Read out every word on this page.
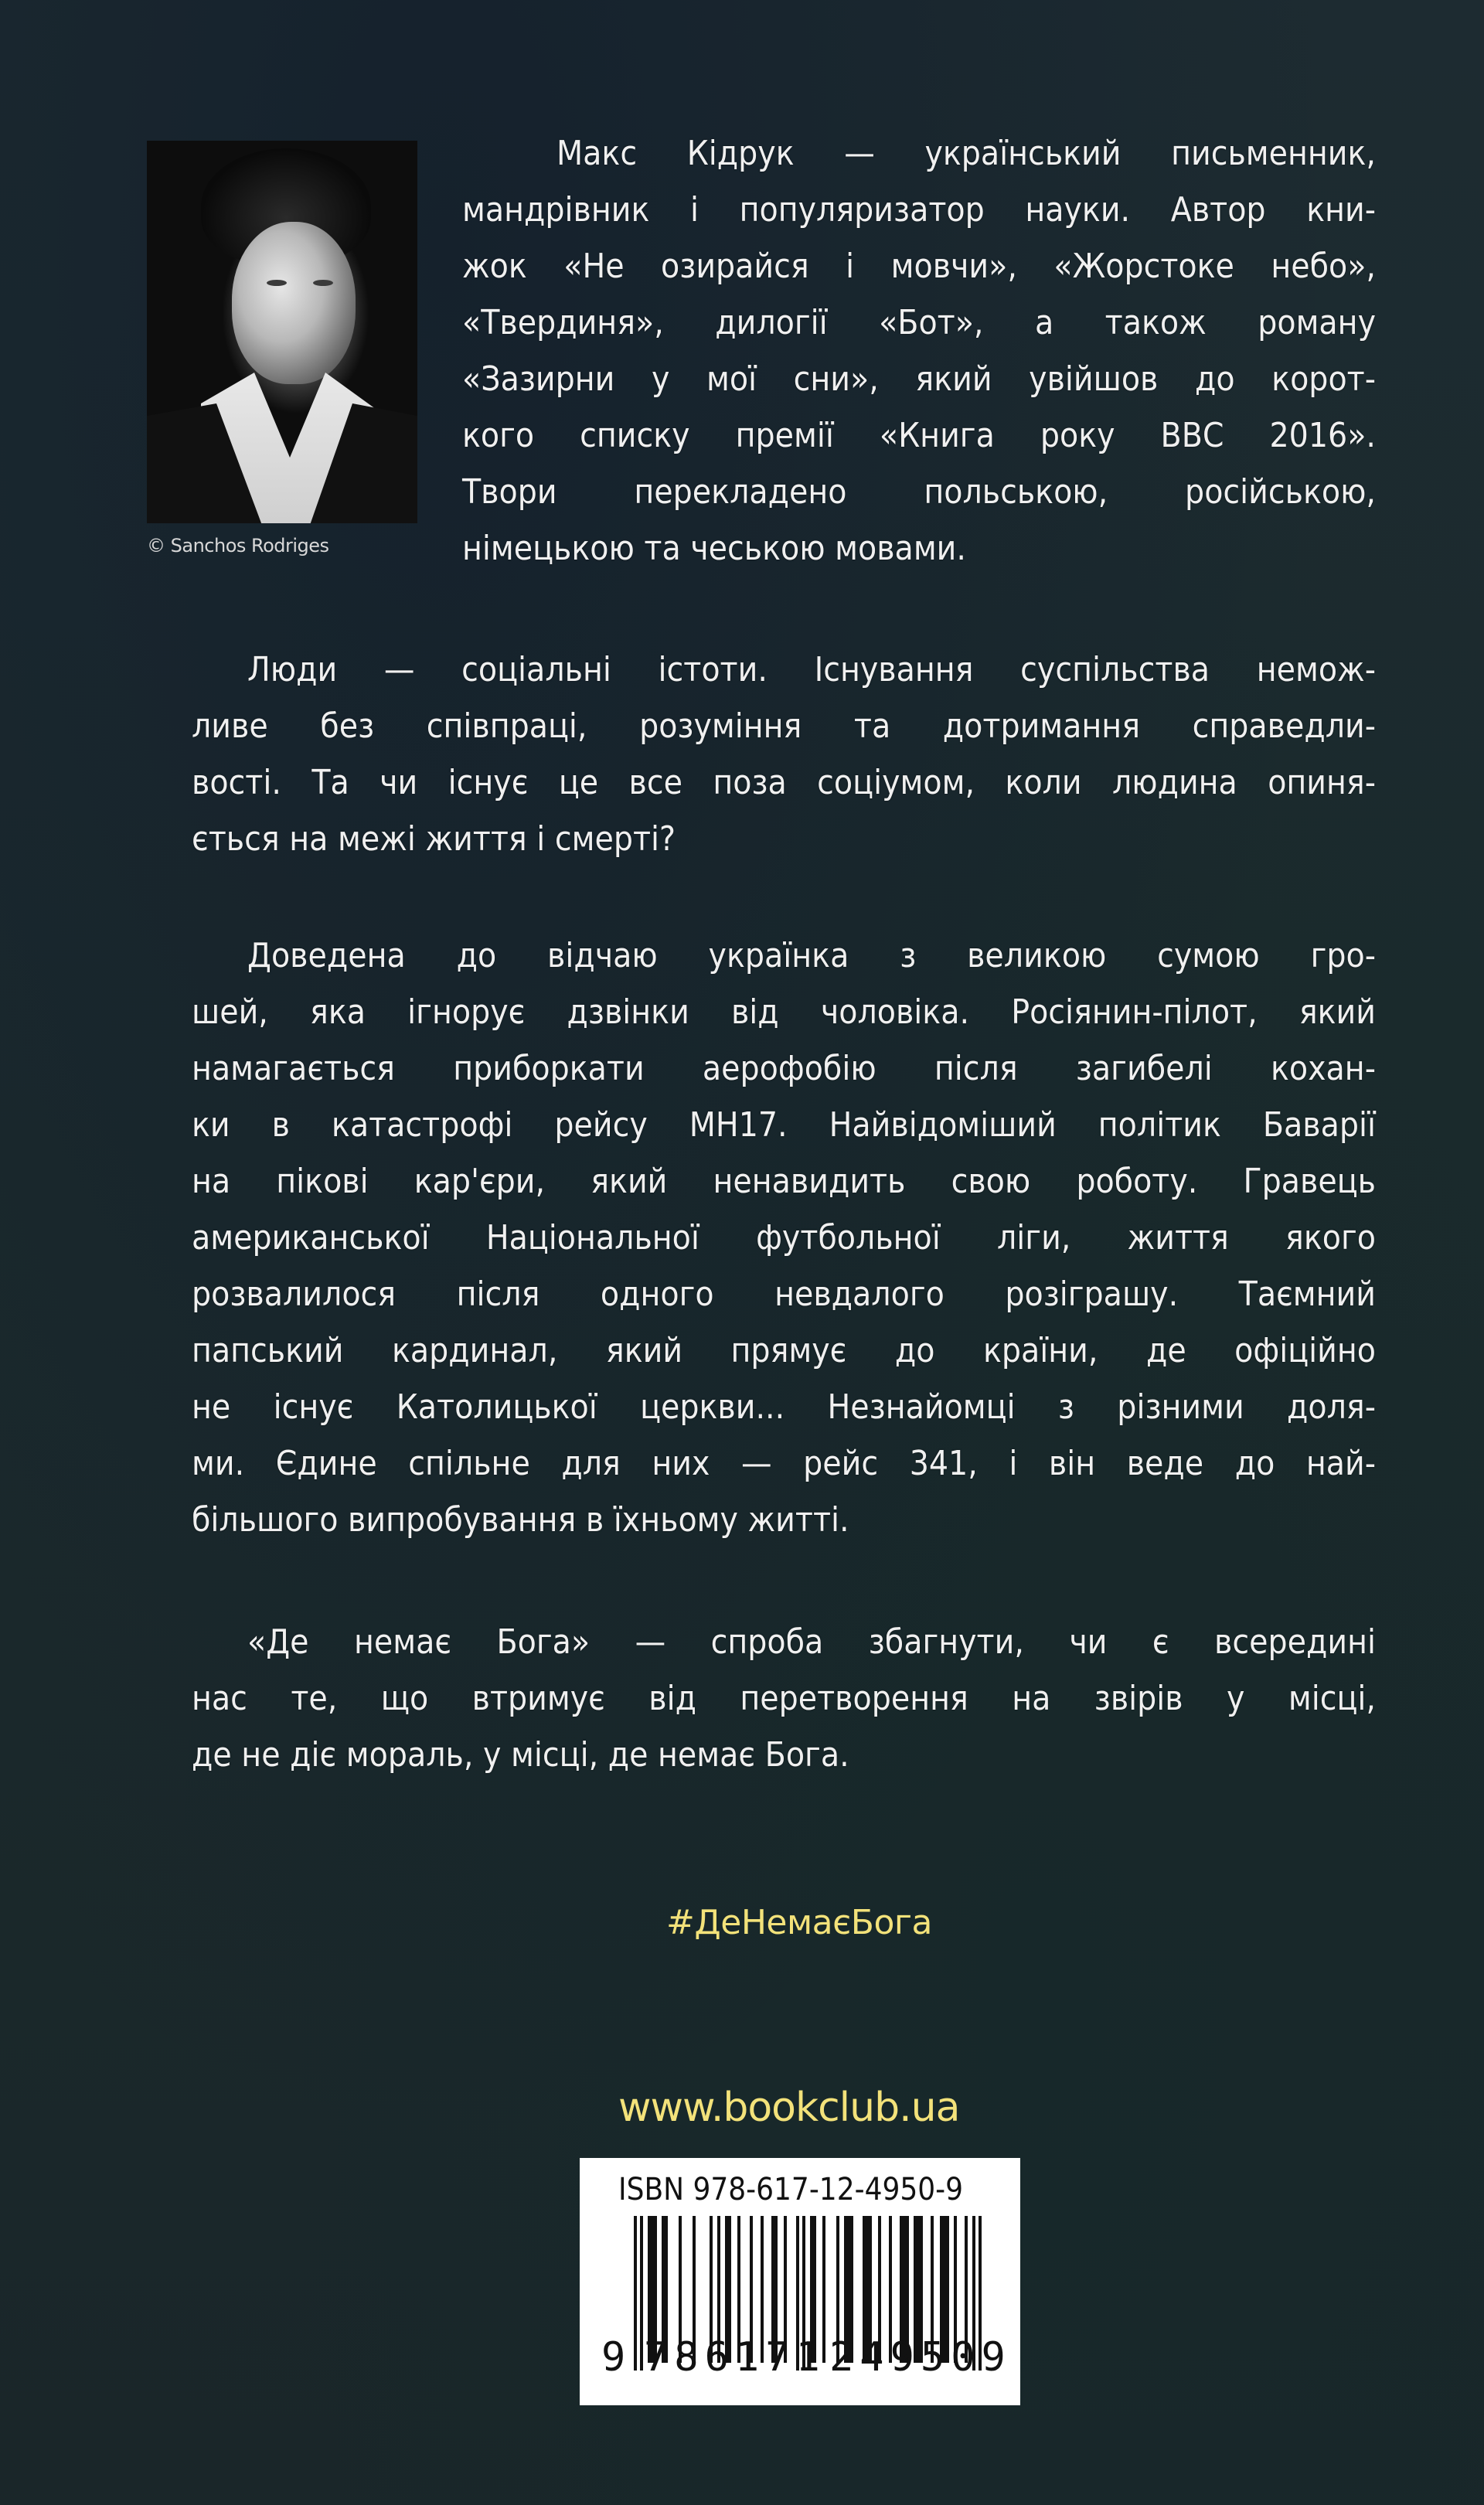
© Sanchos Rodriges
Макс Кідрук — український письменник,
мандрівник і популяризатор науки. Автор кни-
жок «Не озирайся і мовчи», «Жорстоке небо»,
«Твердиня», дилогії «Бот», а також роману
«Зазирни у мої сни», який увійшов до корот-
кого списку премії «Книга року ВВС 2016».
Твори перекладено польською, російською,
німецькою та чеською мовами.
Люди — соціальні істоти. Існування суспільства немож-
ливе без співпраці, розуміння та дотримання справедли-
вості. Та чи існує це все поза соціумом, коли людина опиня-
ється на межі життя і смерті?
Доведена до відчаю українка з великою сумою гро-
шей, яка ігнорує дзвінки від чоловіка. Росіянин-пілот, який
намагається приборкати аерофобію після загибелі кохан-
ки в катастрофі рейсу MH17. Найвідоміший політик Баварії
на пікові кар'єри, який ненавидить свою роботу. Гравець
американської Національної футбольної ліги, життя якого
розвалилося після одного невдалого розіграшу. Таємний
папський кардинал, який прямує до країни, де офіційно
не існує Католицької церкви... Незнайомці з різними доля-
ми. Єдине спільне для них — рейс 341, і він веде до най-
більшого випробування в їхньому житті.
«Де немає Бога» — спроба збагнути, чи є всередині
нас те, що втримує від перетворення на звірів у місці,
де не діє мораль, у місці, де немає Бога.
#ДеНемаєБога
www.bookclub.ua
ISBN 978-617-12-4950-9
9 786171 249509
